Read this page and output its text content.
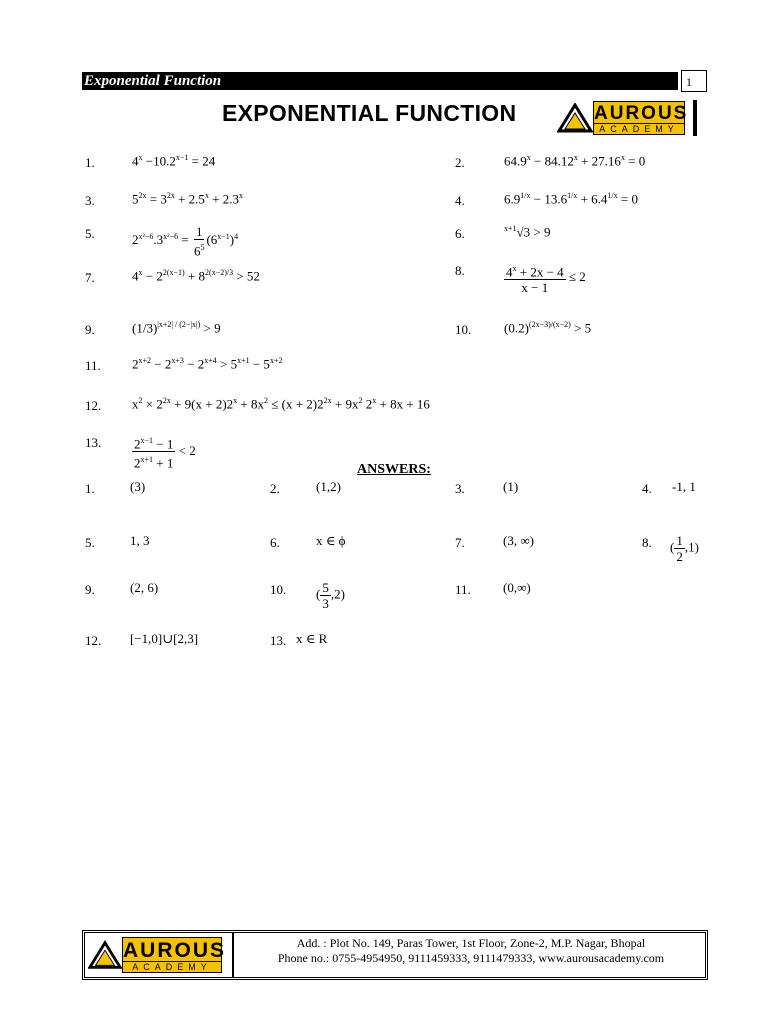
Exponential Function	1
EXPONENTIAL FUNCTION	AUROUS
ACADEMY
1.	$4^x -10.2^{x-1} = 24$	2.	$64.9^x - 84.12^x + 27.16^x = 0$
3.	$5^{2x} = 3^{2x} + 2.5^x + 2.3^x$	4.	$6.9^{1/x} - 13.6^{1/x} + 6.4^{1/x} = 0$
5.	$2^{x^2-6}.3^{x^2-6} = \frac{1}{6^5} (6^{x-1})^4$	6.	$^{x+1}$√3 > 9
7.	$4^x - 2^{2(x-1)} + 8^{2(x-2)/3} > 52$	8.	$\frac{4^x + 2x - 4}{x - 1} \le 2$
9.	$(1/3)^{|x+2| / (2-|x|)} > 9$	10.	$(0.2)^{(2x-3)/(x-2)} > 5$
11. $2^{x+2} - 2^{x+3} - 2^{x+4} > 5^{x+1} - 5^{x+2}$
12. $x^2 \times 2^{2x} + 9(x + 2)2^x + 8x^2 \le (x + 2)2^{2x} + 9x^2$ $2^x + 8x + 16$
13. $\frac{2^{x-1} - 1}{2^{x+1} + 1} < 2$
ANSWERS:
1.	(3)	2.	(1,2)	3.	(1)	4. -1, 1
5.	1, 3	6.	x ∈ ϕ	7.	(3, ∞)	8. ( $\frac{1}{2} ,1$)
9.	(2, 6)	10. ( $\frac{5}{3} ,2$)	11. (0,∞)
12. [−1,0]∪[2,3]	13. x ∈ R
AUROUS
ACADEMY
Add. : Plot No. 149, Paras Tower, 1st Floor, Zone-2, M.P. Nagar, Bhopal
Phone no.: 0755-4954950, 9111459333, 9111479333, www.aurousacademy.com
